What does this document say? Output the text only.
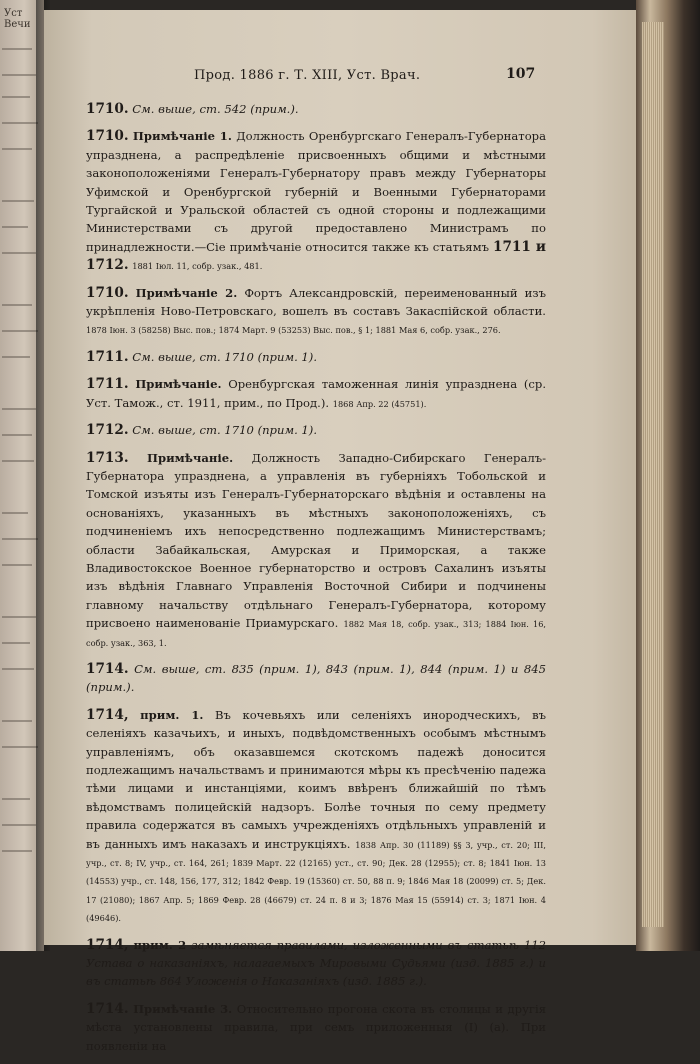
Уст Вечи
Прод. 1886 г. Т. XIII, Уст. Врач.	107

1710. См. выше, ст. 542 (прим.).

1710. Примѣчаніе 1. Должность Оренбургскаго Генералъ-Губернатора упразднена, а распредѣленіе присвоенныхъ общими и мѣстными законоположеніями Генералъ-Губернатору правъ между Губернаторы Уфимской и Оренбургской губерній и Военными Губернаторами Тургайской и Уральской областей съ одной стороны и подлежащими Министерствами съ другой предоставлено Министрамъ по принадлежности.—Сіе примѣчаніе относится также къ статьямъ 1711 и 1712. 1881 Іюл. 11, собр. узак., 481.

1710. Примѣчаніе 2. Фортъ Александровскій, переименованный изъ укрѣпленія Ново-Петровскаго, вошелъ въ составъ Закаспійской области. 1878 Іюн. 3 (58258) Выс. пов.; 1874 Март. 9 (53253) Выс. пов., § 1; 1881 Мая 6, собр. узак., 276.

1711. См. выше, ст. 1710 (прим. 1).

1711. Примѣчаніе. Оренбургская таможенная линія упразднена (ср. Уст. Тамож., ст. 1911, прим., по Прод.). 1868 Апр. 22 (45751).

1712. См. выше, ст. 1710 (прим. 1).

1713. Примѣчаніе. Должность Западно-Сибирскаго Генералъ-Губернатора упразднена, а управленія въ губерніяхъ Тобольской и Томской изъяты изъ Генералъ-Губернаторскаго вѣдѣнія и оставлены на основаніяхъ, указанныхъ въ мѣстныхъ законоположеніяхъ, съ подчиненіемъ ихъ непосредственно подлежащимъ Министерствамъ; области Забайкальская, Амурская и Приморская, а также Владивостокское Военное губернаторство и островъ Сахалинъ изъяты изъ вѣдѣнія Главнаго Управленія Восточной Сибири и подчинены главному начальству отдѣльнаго Генералъ-Губернатора, которому присвоено наименованіе Приамурскаго. 1882 Мая 18, собр. узак., 313; 1884 Іюн. 16, собр. узак., 363, 1.

1714. См. выше, ст. 835 (прим. 1), 843 (прим. 1), 844 (прим. 1) и 845 (прим.).

1714, прим. 1. Въ кочевьяхъ или селеніяхъ инородческихъ, въ селеніяхъ казачьихъ, и иныхъ, подвѣдомственныхъ особымъ мѣстнымъ управленіямъ, объ оказавшемся скотскомъ падежѣ доносится подлежащимъ начальствамъ и принимаются мѣры къ пресѣченію падежа тѣми лицами и инстанціями, коимъ ввѣренъ ближайшій по тѣмъ вѣдомствамъ полицейскій надзоръ. Болѣе точныя по сему предмету правила содержатся въ самыхъ учрежденіяхъ отдѣльныхъ управленій и въ данныхъ имъ наказахъ и инструкціяхъ. 1838 Апр. 30 (11189) §§ 3, учр., ст. 20; III, учр., ст. 8; IV, учр., ст. 164, 261; 1839 Март. 22 (12165) уст., ст. 90; Дек. 28 (12955); ст. 8; 1841 Іюн. 13 (14553) учр., ст. 148, 156, 177, 312; 1842 Февр. 19 (15360) ст. 50, 88 п. 9; 1846 Мая 18 (20099) ст. 5; Дек. 17 (21080); 1867 Апр. 5; 1869 Февр. 28 (46679) ст. 24 п. 8 и 3; 1876 Мая 15 (55914) ст. 3; 1871 Іюн. 4 (49646).

1714, прим. 2 замѣняется правилами, изложенными въ статьѣ 112 Устава о наказаніяхъ, налагаемыхъ Мировыми Судьями (изд. 1885 г.) и въ статьѣ 864 Уложенія о Наказаніяхъ (изд. 1885 г.).

1714. Примѣчаніе 3. Относительно прогона скота въ столицы и другія мѣста установлены правила, при семъ приложенныя (I) (а). При появленіи на
